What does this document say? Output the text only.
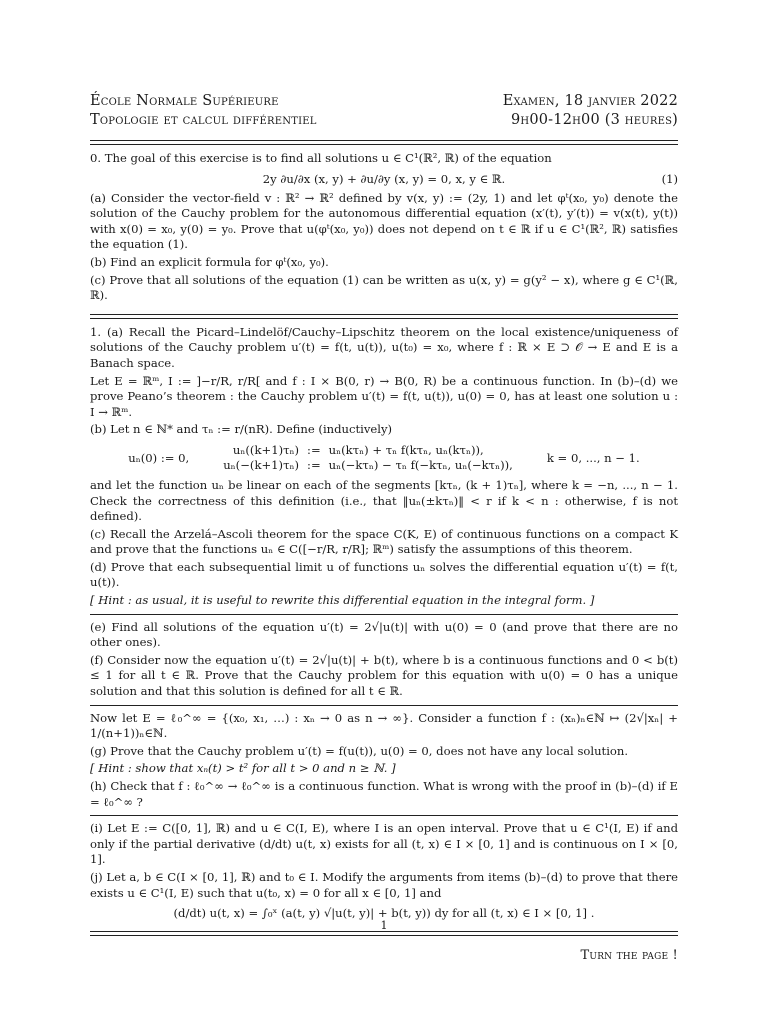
École Normale Supérieure
Topologie et calcul différentiel
Examen, 18 janvier 2022
9h00-12h00 (3 heures)

0. The goal of this exercise is to find all solutions u ∈ C¹(ℝ², ℝ) of the equation

2y ∂u/∂x (x, y) + ∂u/∂y (x, y) = 0, x, y ∈ ℝ.	(1)

(a) Consider the vector-field v : ℝ² → ℝ² defined by v(x, y) := (2y, 1) and let φᵗ(x₀, y₀) denote the solution of the Cauchy problem for the autonomous differential equation (x′(t), y′(t)) = v(x(t), y(t)) with x(0) = x₀, y(0) = y₀. Prove that u(φᵗ(x₀, y₀)) does not depend on t ∈ ℝ if u ∈ C¹(ℝ², ℝ) satisfies the equation (1).

(b) Find an explicit formula for φᵗ(x₀, y₀).

(c) Prove that all solutions of the equation (1) can be written as u(x, y) = g(y² − x), where g ∈ C¹(ℝ, ℝ).

1. (a) Recall the Picard–Lindelöf/Cauchy–Lipschitz theorem on the local existence/uniqueness of solutions of the Cauchy problem u′(t) = f(t, u(t)), u(t₀) = x₀, where f : ℝ × E ⊃ 𝒪 → E and E is a Banach space.

Let E = ℝᵐ, I := ]−r/R, r/R[ and f : I × B(0, r) → B(0, R) be a continuous function. In (b)–(d) we prove Peano’s theorem : the Cauchy problem u′(t) = f(t, u(t)), u(0) = 0, has at least one solution u : I → ℝᵐ.

(b) Let n ∈ ℕ* and τₙ := r/(nR). Define (inductively)

uₙ(0) := 0,
uₙ((k+1)τₙ)	:=	uₙ(kτₙ) + τₙ f(kτₙ, uₙ(kτₙ)),
uₙ(−(k+1)τₙ)	:=	uₙ(−kτₙ) − τₙ f(−kτₙ, uₙ(−kτₙ)),	k = 0, ..., n − 1.

and let the function uₙ be linear on each of the segments [kτₙ, (k + 1)τₙ], where k = −n, ..., n − 1. Check the correctness of this definition (i.e., that ‖uₙ(±kτₙ)‖ < r if k < n : otherwise, f is not defined).

(c) Recall the Arzelá–Ascoli theorem for the space C(K, E) of continuous functions on a compact K and prove that the functions uₙ ∈ C([−r/R, r/R]; ℝᵐ) satisfy the assumptions of this theorem.

(d) Prove that each subsequential limit u of functions uₙ solves the differential equation u′(t) = f(t, u(t)).

[ Hint : as usual, it is useful to rewrite this differential equation in the integral form. ]

(e) Find all solutions of the equation u′(t) = 2√|u(t)| with u(0) = 0 (and prove that there are no other ones).

(f) Consider now the equation u′(t) = 2√|u(t)| + b(t), where b is a continuous functions and 0 < b(t) ≤ 1 for all t ∈ ℝ. Prove that the Cauchy problem for this equation with u(0) = 0 has a unique solution and that this solution is defined for all t ∈ ℝ.

Now let E = ℓ₀^∞ = {(x₀, x₁, …) : xₙ → 0 as n → ∞}. Consider a function f : (xₙ)ₙ∈ℕ ↦ (2√|xₙ| + 1/(n+1))ₙ∈ℕ.

(g) Prove that the Cauchy problem u′(t) = f(u(t)), u(0) = 0, does not have any local solution.

[ Hint : show that xₙ(t) > t² for all t > 0 and n ≥ ℕ. ]

(h) Check that f : ℓ₀^∞ → ℓ₀^∞ is a continuous function. What is wrong with the proof in (b)–(d) if E = ℓ₀^∞ ?

(i) Let E := C([0, 1], ℝ) and u ∈ C(I, E), where I is an open interval. Prove that u ∈ C¹(I, E) if and only if the partial derivative (d/dt) u(t, x) exists for all (t, x) ∈ I × [0, 1] and is continuous on I × [0, 1].

(j) Let a, b ∈ C(I × [0, 1], ℝ) and t₀ ∈ I. Modify the arguments from items (b)–(d) to prove that there exists u ∈ C¹(I, E) such that u(t₀, x) = 0 for all x ∈ [0, 1] and

(d/dt) u(t, x) = ∫₀ˣ (a(t, y) √|u(t, y)| + b(t, y)) dy for all (t, x) ∈ I × [0, 1] .
Turn the page !
1
